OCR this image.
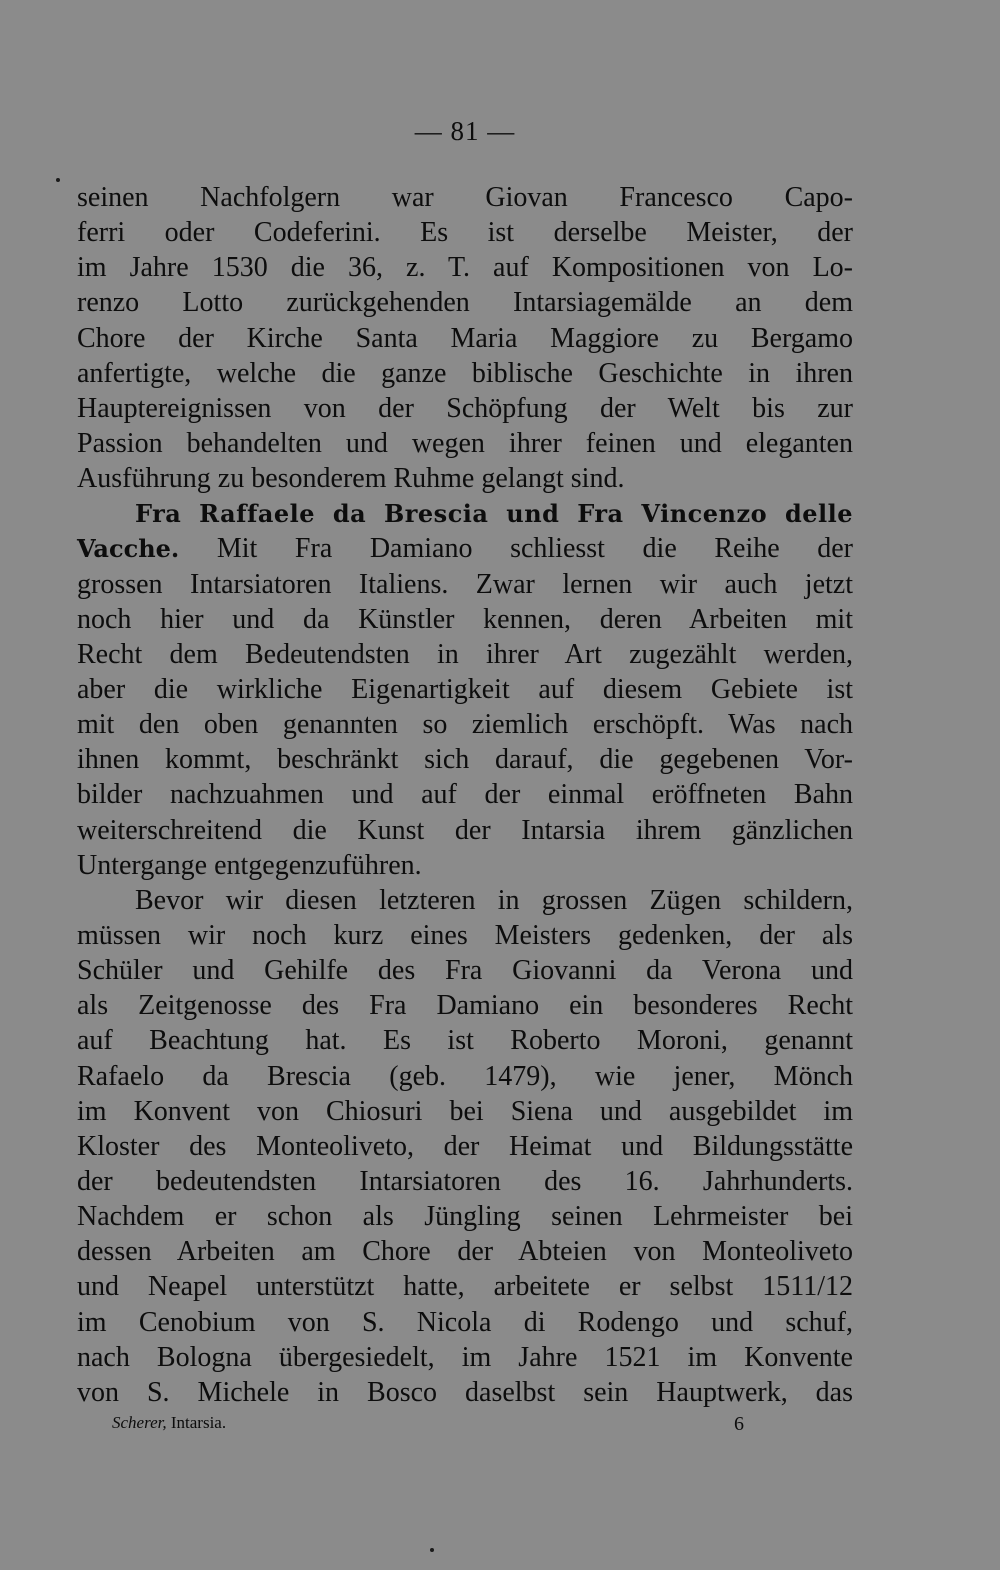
— 81 —
seinen Nachfolgern war Giovan Francesco Capo-
ferri oder Codeferini. Es ist derselbe Meister, der
im Jahre 1530 die 36, z. T. auf Kompositionen von Lo-
renzo Lotto zurückgehenden Intarsiagemälde an dem
Chore der Kirche Santa Maria Maggiore zu Bergamo
anfertigte, welche die ganze biblische Geschichte in ihren
Hauptereignissen von der Schöpfung der Welt bis zur
Passion behandelten und wegen ihrer feinen und eleganten
Ausführung zu besonderem Ruhme gelangt sind.
Fra Raffaele da Brescia und Fra Vincenzo delle
Vacche. Mit Fra Damiano schliesst die Reihe der
grossen Intarsiatoren Italiens. Zwar lernen wir auch jetzt
noch hier und da Künstler kennen, deren Arbeiten mit
Recht dem Bedeutendsten in ihrer Art zugezählt werden,
aber die wirkliche Eigenartigkeit auf diesem Gebiete ist
mit den oben genannten so ziemlich erschöpft. Was nach
ihnen kommt, beschränkt sich darauf, die gegebenen Vor-
bilder nachzuahmen und auf der einmal eröffneten Bahn
weiterschreitend die Kunst der Intarsia ihrem gänzlichen
Untergange entgegenzuführen.
Bevor wir diesen letzteren in grossen Zügen schildern,
müssen wir noch kurz eines Meisters gedenken, der als
Schüler und Gehilfe des Fra Giovanni da Verona und
als Zeitgenosse des Fra Damiano ein besonderes Recht
auf Beachtung hat. Es ist Roberto Moroni, genannt
Rafaelo da Brescia (geb. 1479), wie jener, Mönch
im Konvent von Chiosuri bei Siena und ausgebildet im
Kloster des Monteoliveto, der Heimat und Bildungsstätte
der bedeutendsten Intarsiatoren des 16. Jahrhunderts.
Nachdem er schon als Jüngling seinen Lehrmeister bei
dessen Arbeiten am Chore der Abteien von Monteoliveto
und Neapel unterstützt hatte, arbeitete er selbst 1511/12
im Cenobium von S. Nicola di Rodengo und schuf,
nach Bologna übergesiedelt, im Jahre 1521 im Konvente
von S. Michele in Bosco daselbst sein Hauptwerk, das
Scherer, Intarsia.	6
